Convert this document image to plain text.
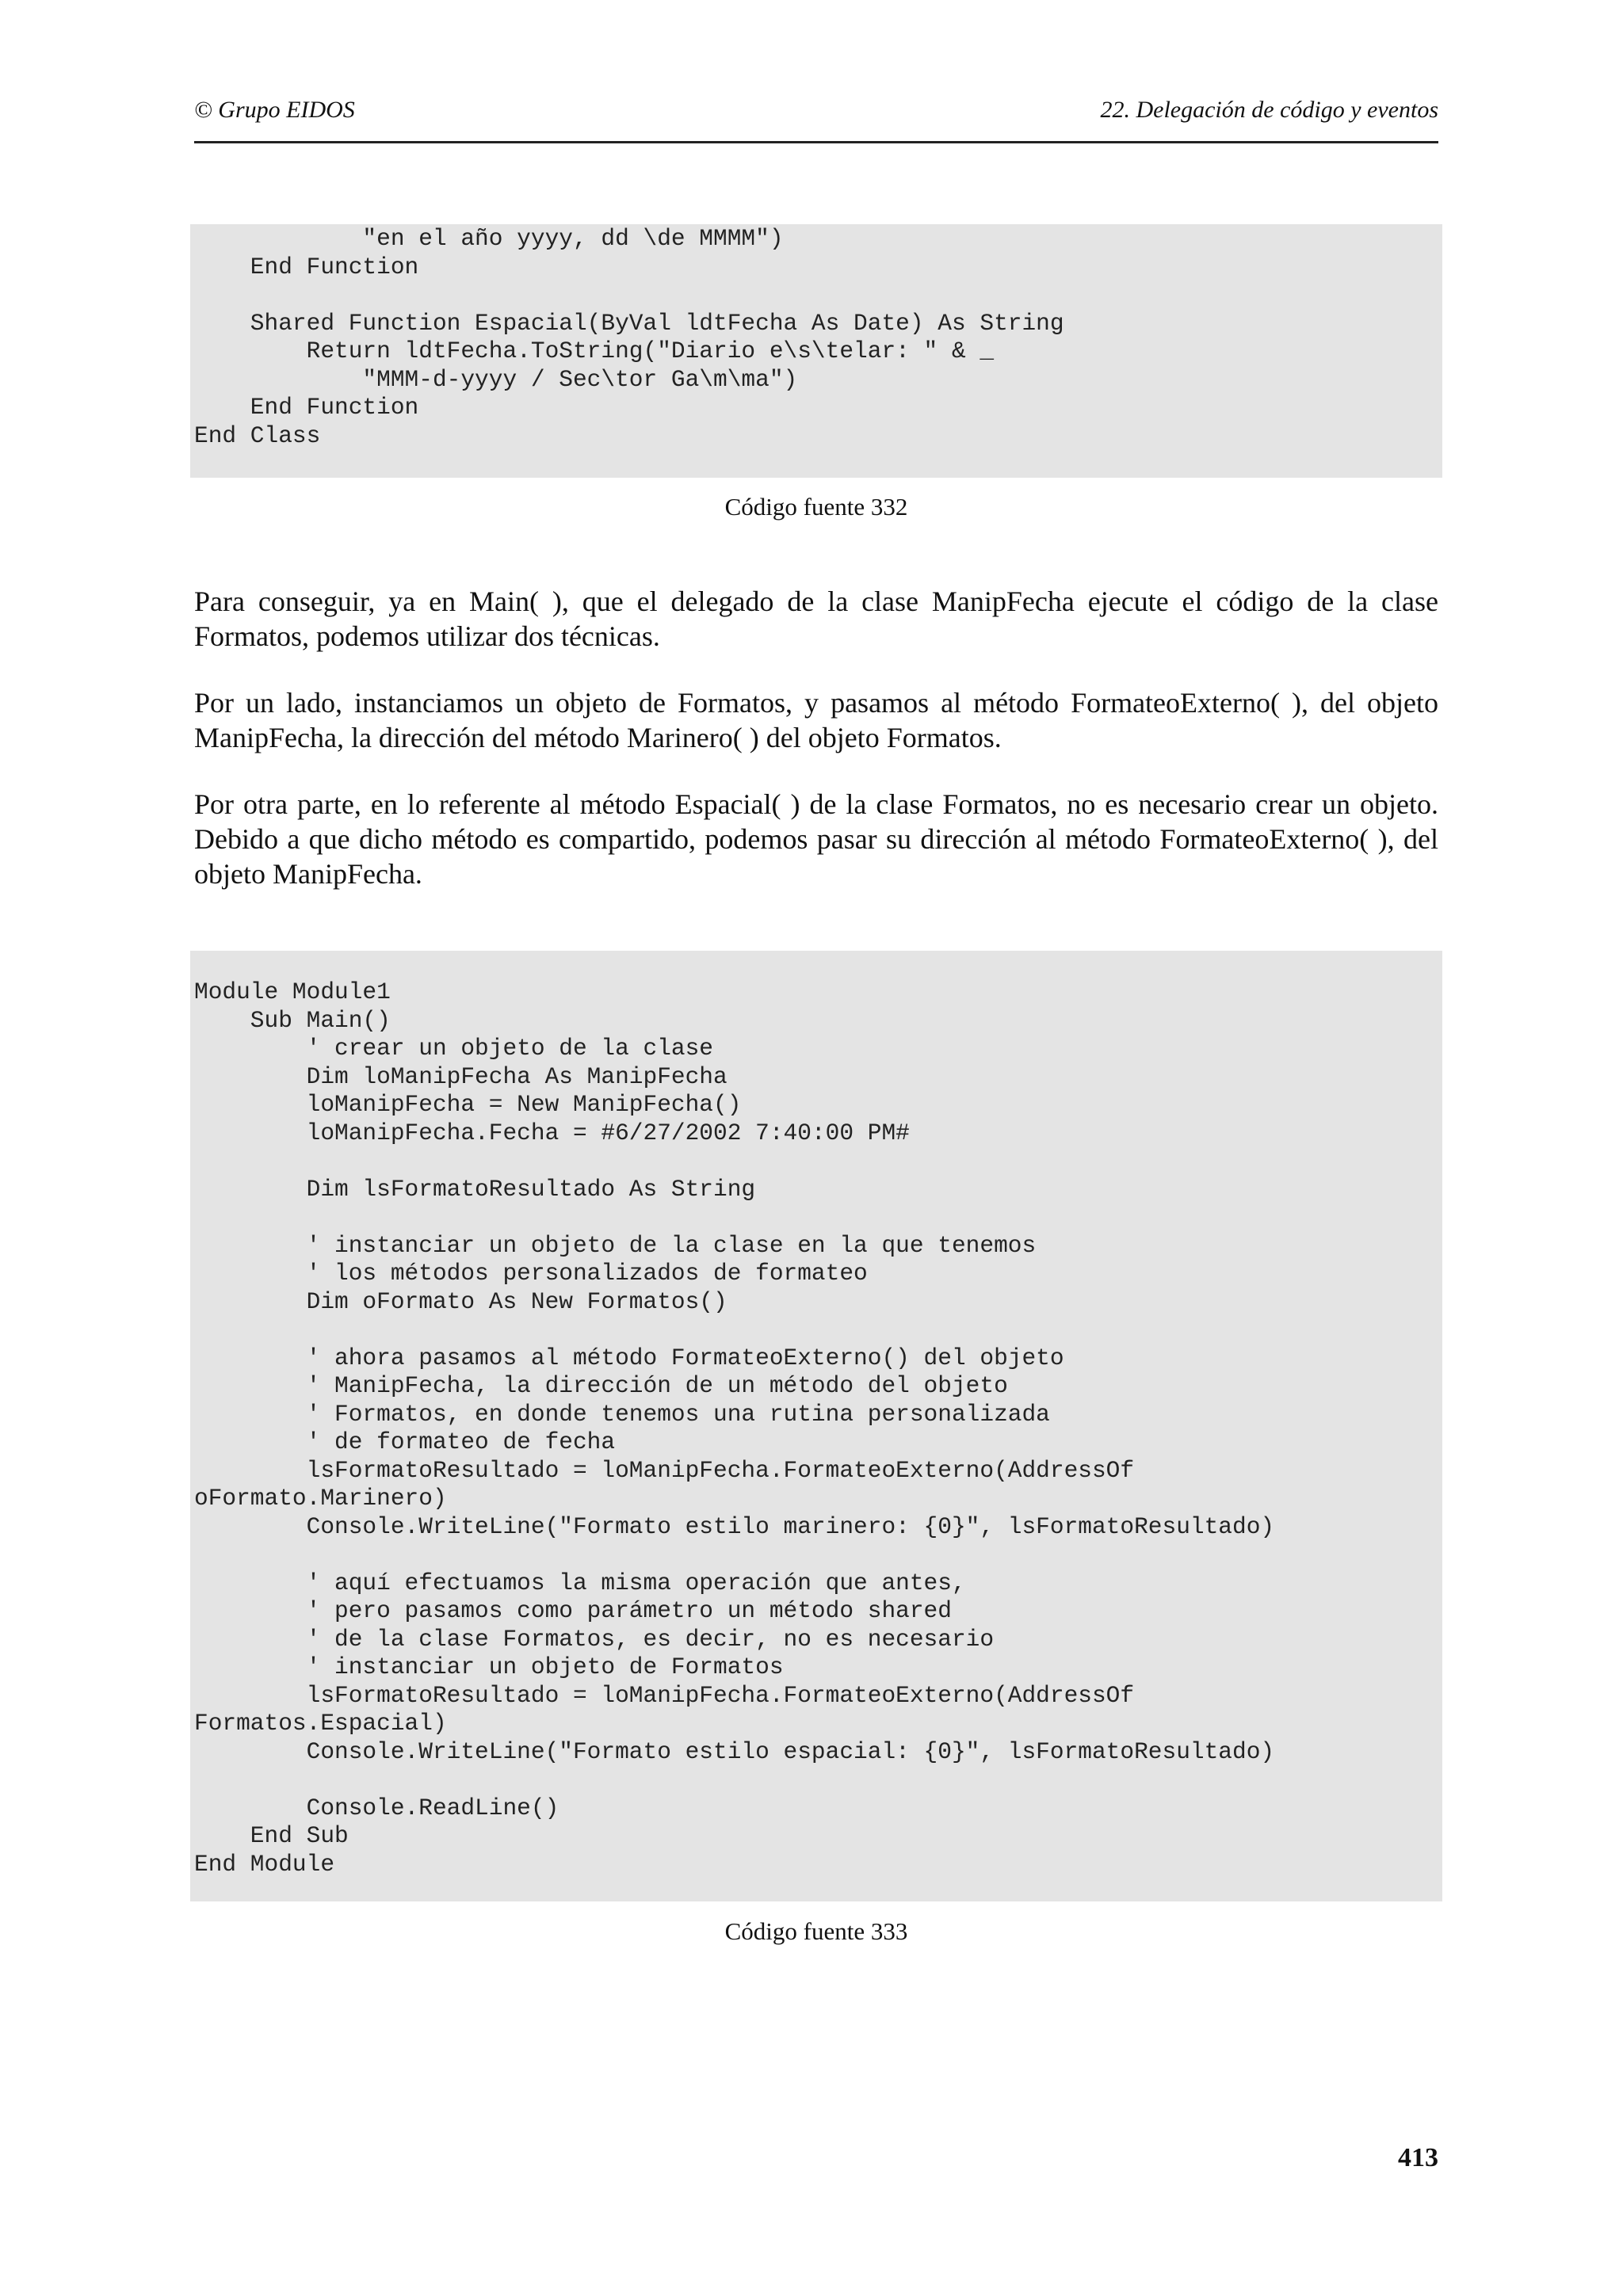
© Grupo EIDOS	22. Delegación de código y eventos
"en el año yyyy, dd \de MMMM")
End Function

Shared Function Espacial(ByVal ldtFecha As Date) As String
Return ldtFecha.ToString("Diario e\s\telar: " & _
"MMM-d-yyyy / Sec\tor Ga\m\ma")
End Function
End Class
Código fuente 332

Para conseguir, ya en Main( ), que el delegado de la clase ManipFecha ejecute el código de la clase Formatos, podemos utilizar dos técnicas.

Por un lado, instanciamos un objeto de Formatos, y pasamos al método FormateoExterno( ), del objeto ManipFecha, la dirección del método Marinero( ) del objeto Formatos.

Por otra parte, en lo referente al método Espacial( ) de la clase Formatos, no es necesario crear un objeto. Debido a que dicho método es compartido, podemos pasar su dirección al método FormateoExterno( ), del objeto ManipFecha.

Module Module1
Sub Main()
' crear un objeto de la clase
Dim loManipFecha As ManipFecha
loManipFecha = New ManipFecha()
loManipFecha.Fecha = #6/27/2002 7:40:00 PM#

Dim lsFormatoResultado As String

' instanciar un objeto de la clase en la que tenemos
' los métodos personalizados de formateo
Dim oFormato As New Formatos()

' ahora pasamos al método FormateoExterno() del objeto
' ManipFecha, la dirección de un método del objeto
' Formatos, en donde tenemos una rutina personalizada
' de formateo de fecha
lsFormatoResultado = loManipFecha.FormateoExterno(AddressOf
oFormato.Marinero)
Console.WriteLine("Formato estilo marinero: {0}", lsFormatoResultado)

' aquí efectuamos la misma operación que antes,
' pero pasamos como parámetro un método shared
' de la clase Formatos, es decir, no es necesario
' instanciar un objeto de Formatos
lsFormatoResultado = loManipFecha.FormateoExterno(AddressOf
Formatos.Espacial)
Console.WriteLine("Formato estilo espacial: {0}", lsFormatoResultado)

Console.ReadLine()
End Sub
End Module
Código fuente 333
413
